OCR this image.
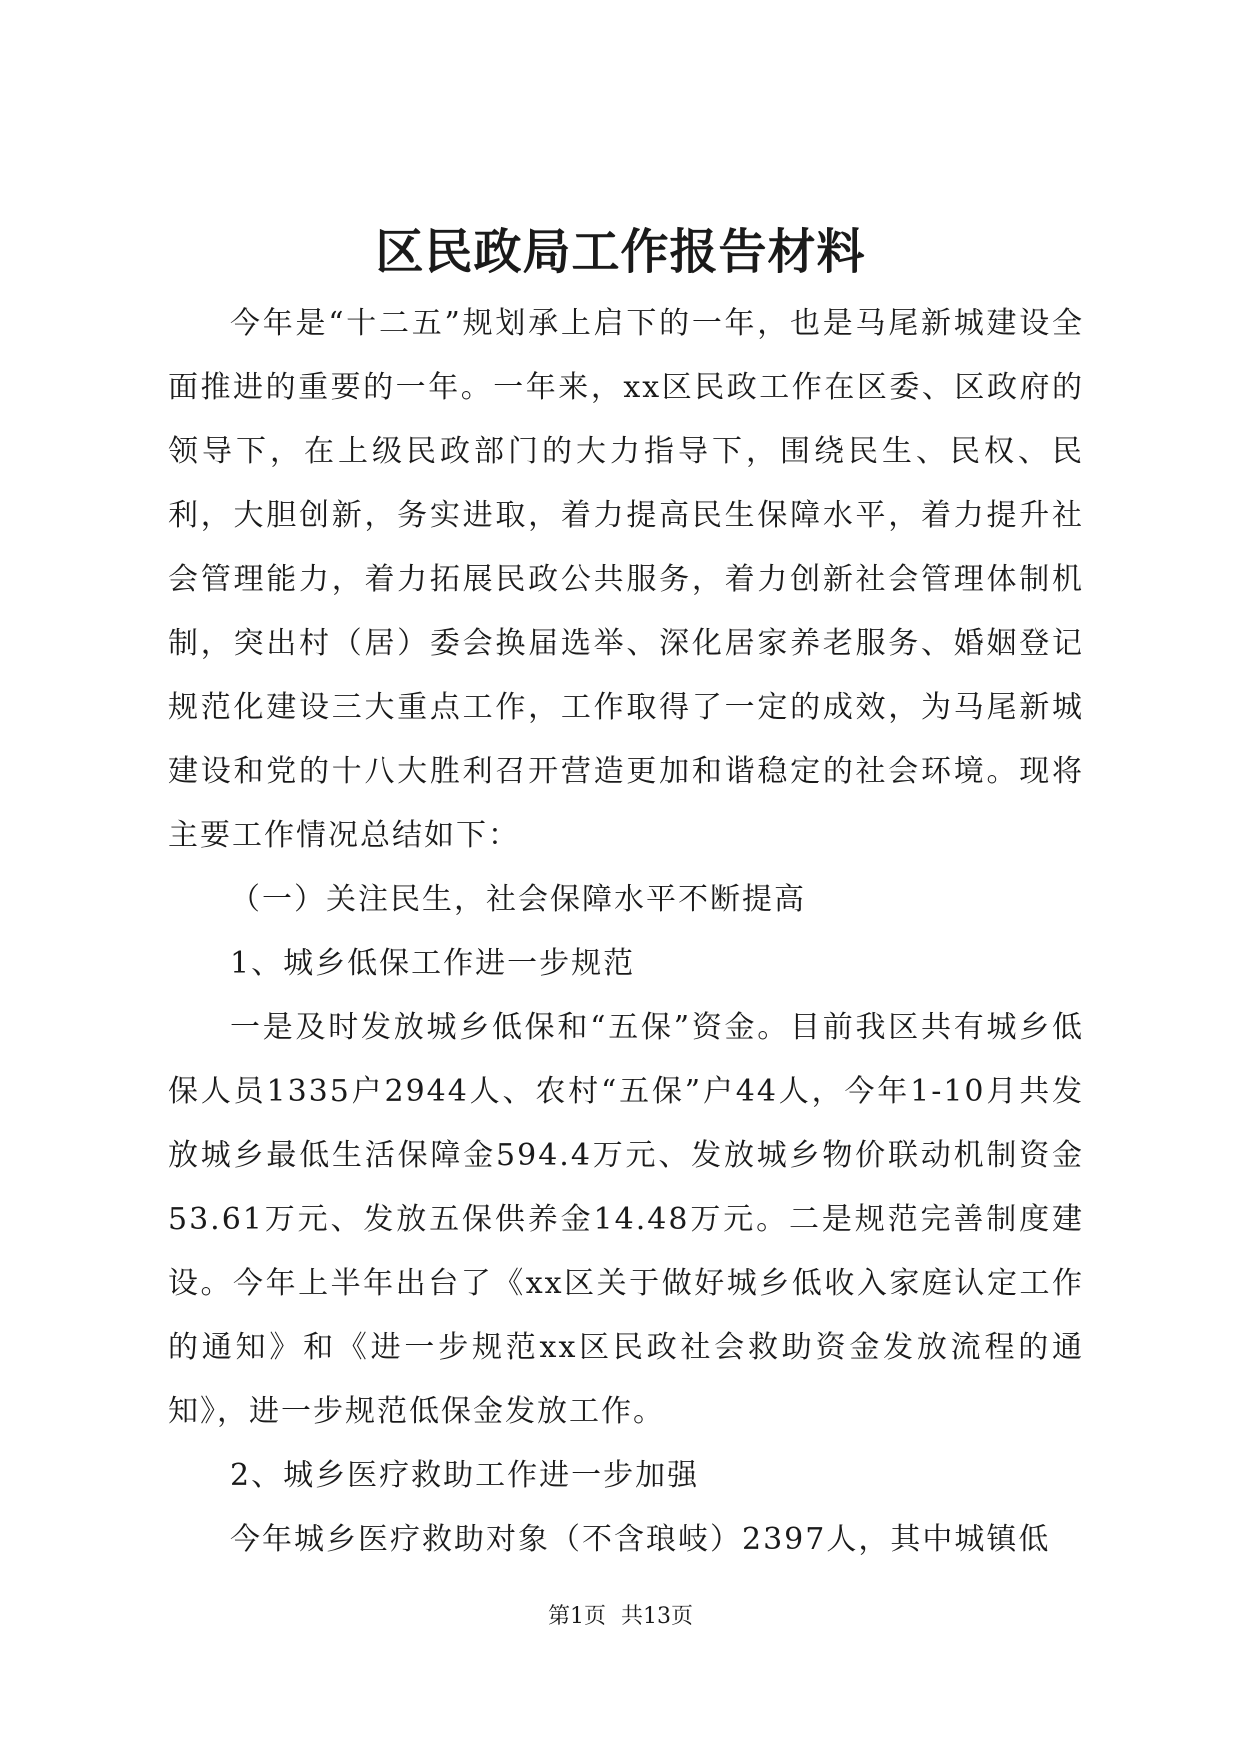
区民政局工作报告材料

今年是“十二五”规划承上启下的一年，也是马尾新城建设全面推进的重要的一年。一年来，xx区民政工作在区委、区政府的领导下，在上级民政部门的大力指导下，围绕民生、民权、民利，大胆创新，务实进取，着力提高民生保障水平，着力提升社会管理能力，着力拓展民政公共服务，着力创新社会管理体制机制，突出村（居）委会换届选举、深化居家养老服务、婚姻登记规范化建设三大重点工作，工作取得了一定的成效，为马尾新城建设和党的十八大胜利召开营造更加和谐稳定的社会环境。现将主要工作情况总结如下：

（一）关注民生，社会保障水平不断提高

1、城乡低保工作进一步规范

一是及时发放城乡低保和“五保”资金。目前我区共有城乡低保人员1335户2944人、农村“五保”户44人，今年1-10月共发放城乡最低生活保障金594.4万元、发放城乡物价联动机制资金53.61万元、发放五保供养金14.48万元。二是规范完善制度建设。今年上半年出台了《xx区关于做好城乡低收入家庭认定工作的通知》和《进一步规范xx区民政社会救助资金发放流程的通知》，进一步规范低保金发放工作。

2、城乡医疗救助工作进一步加强

今年城乡医疗救助对象（不含琅岐）2397人，其中城镇低

第1页 共13页
